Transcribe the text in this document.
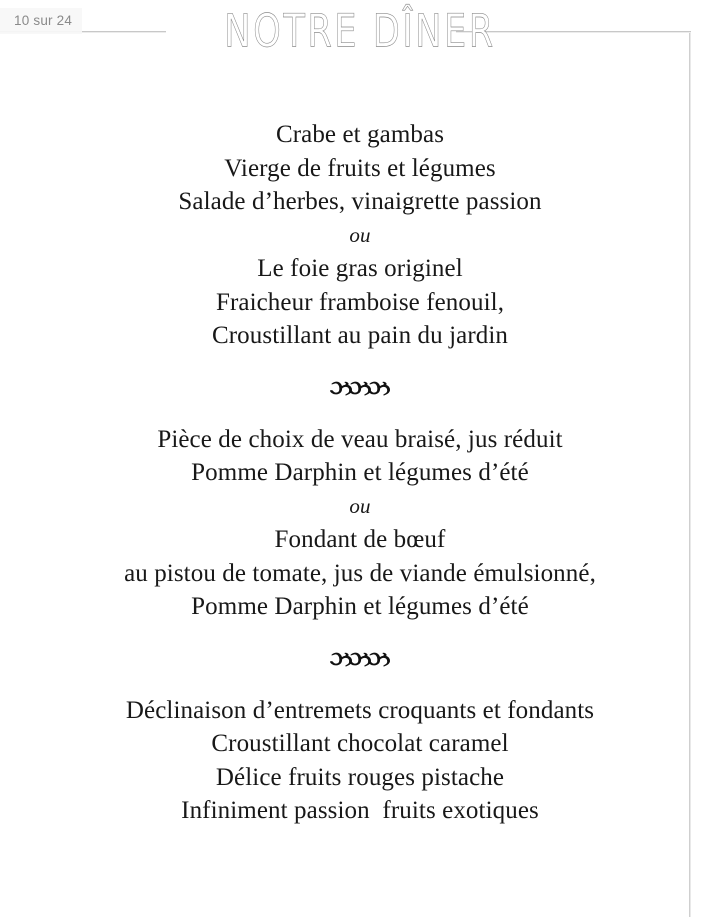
NOTRE DÎNER
10 sur 24
Crabe et gambas
Vierge de fruits et légumes
Salade d’herbes, vinaigrette passion
ou
Le foie gras originel
Fraicheur framboise fenouil,
Croustillant au pain du jardin
ઝઝઝ
Pièce de choix de veau braisé, jus réduit
Pomme Darphin et légumes d’été
ou
Fondant de bœuf
au pistou de tomate, jus de viande émulsionné,
Pomme Darphin et légumes d’été
ઝઝઝ
Déclinaison d’entremets croquants et fondants
Croustillant chocolat caramel
Délice fruits rouges pistache
Infiniment passion  fruits exotiques
